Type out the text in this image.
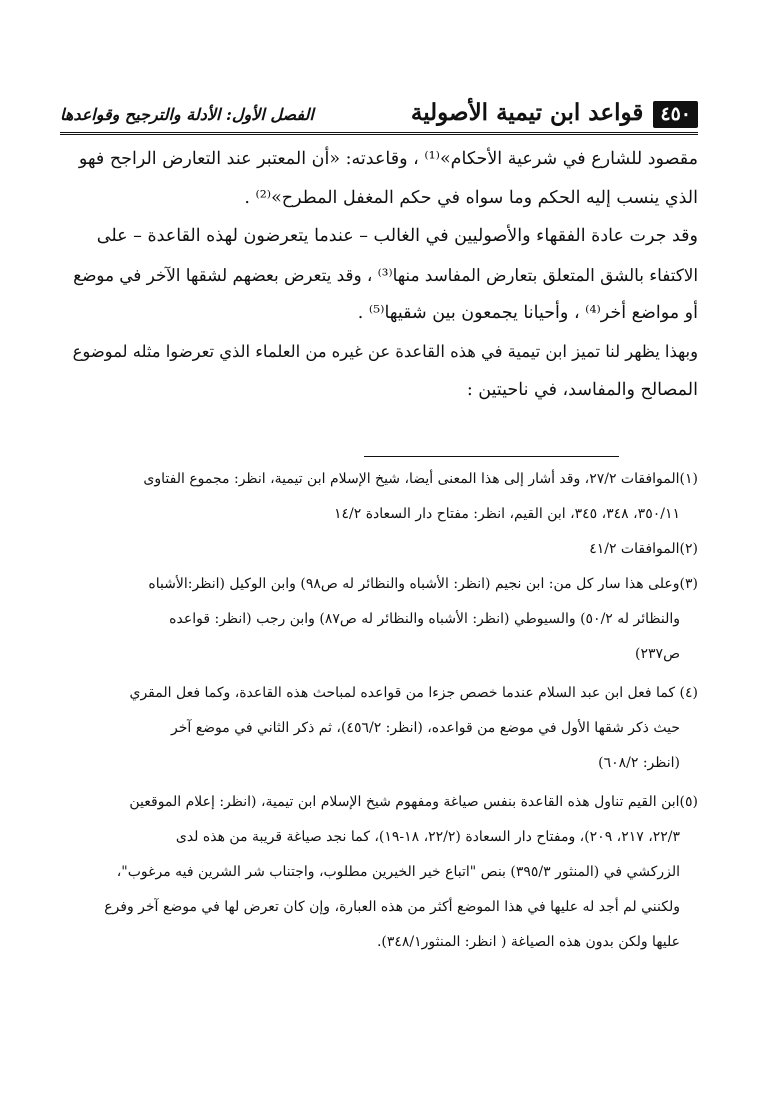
٤٥٠
قواعد ابن تيمية الأصولية
الفصل الأول: الأدلة والترجيح وقواعدها

مقصود للشارع في شرعية الأحكام»⁽¹⁾ ، وقاعدته: «أن المعتبر عند التعارض الراجح فهو
الذي ينسب إليه الحكم وما سواه في حكم المغفل المطرح»⁽²⁾ .

وقد جرت عادة الفقهاء والأصوليين في الغالب – عندما يتعرضون لهذه القاعدة – على
الاكتفاء بالشق المتعلق بتعارض المفاسد منها⁽³⁾ ، وقد يتعرض بعضهم لشقها الآخر في موضع
أو مواضع أخر⁽⁴⁾ ، وأحيانا يجمعون بين شقيها⁽⁵⁾ .

وبهذا يظهر لنا تميز ابن تيمية في هذه القاعدة عن غيره من العلماء الذي تعرضوا مثله لموضوع
المصالح والمفاسد، في ناحيتين :

(١)الموافقات ٢٧/٢، وقد أشار إلى هذا المعنى أيضا، شيخ الإسلام ابن تيمية، انظر: مجموع الفتاوى
٣٥٠/١١، ٣٤٨، ٣٤٥، ابن القيم، انظر: مفتاح دار السعادة ١٤/٢
(٢)الموافقات ٤١/٢
(٣)وعلى هذا سار كل من: ابن نجيم (انظر: الأشباه والنظائر له ص٩٨) وابن الوكيل (انظر:الأشباه
والنظائر له ٥٠/٢) والسيوطي (انظر: الأشباه والنظائر له ص٨٧) وابن رجب (انظر: قواعده
ص٢٣٧)
(٤) كما فعل ابن عبد السلام عندما خصص جزءا من قواعده لمباحث هذه القاعدة، وكما فعل المقري
حيث ذكر شقها الأول في موضع من قواعده، (انظر: ٤٥٦/٢)، ثم ذكر الثاني في موضع آخر
(انظر: ٦٠٨/٢)
(٥)ابن القيم تناول هذه القاعدة بنفس صياغة ومفهوم شيخ الإسلام ابن تيمية، (انظر: إعلام الموقعين
٢٢/٣، ٢١٧، ٢٠٩)، ومفتاح دار السعادة (٢٢/٢، ١٨-١٩)، كما نجد صياغة قريبة من هذه لدى
الزركشي في (المنثور ٣٩٥/٣) بنص "اتباع خير الخيرين مطلوب، واجتناب شر الشرين فيه مرغوب"،
ولكنني لم أجد له عليها في هذا الموضع أكثر من هذه العبارة، وإن كان تعرض لها في موضع آخر وفرع
عليها ولكن بدون هذه الصياغة ( انظر: المنثور٣٤٨/١).
